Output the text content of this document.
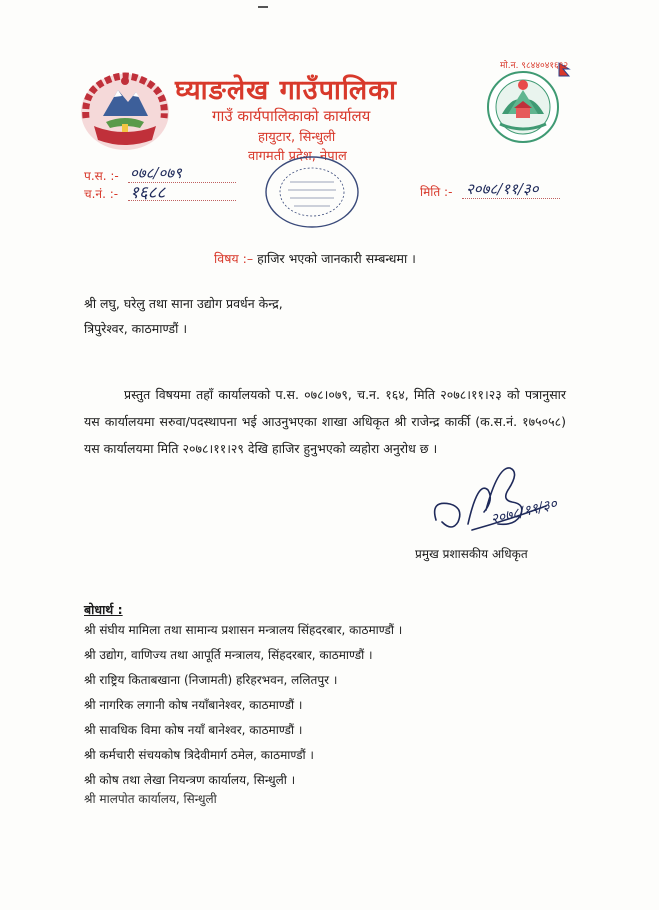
मो.न. ९८४४०४१६९२
घ्याङलेख गाउँपालिका
गाउँ कार्यपालिकाको कार्यालय
हायुटार, सिन्धुली
वागमती प्रदेश, नेपाल
प.स. :- ०७८/०७९
च.नं. :- १६८८	मिति :- २०७८/११/३०
विषय :– हाजिर भएको जानकारी सम्बन्धमा ।
श्री लघु, घरेलु तथा साना उद्योग प्रवर्धन केन्द्र,
त्रिपुरेश्वर, काठमाण्डौं ।
प्रस्तुत विषयमा तहाँ कार्यालयको प.स. ०७८।०७९, च.न. १६४, मिति २०७८।११।२३ को पत्रानुसार यस कार्यालयमा सरुवा/पदस्थापना भई आउनुभएका शाखा अधिकृत श्री राजेन्द्र कार्की (क.स.नं. १७५०५८) यस कार्यालयमा मिति २०७८।११।२९ देखि हाजिर हुनुभएको व्यहोरा अनुरोध छ ।
२०७८/११/३०
प्रमुख प्रशासकीय अधिकृत
बोधार्थ :
श्री संघीय मामिला तथा सामान्य प्रशासन मन्त्रालय सिंहदरबार, काठमाण्डौं ।
श्री उद्योग, वाणिज्य तथा आपूर्ति मन्त्रालय, सिंहदरबार, काठमाण्डौं ।
श्री राष्ट्रिय किताबखाना (निजामती) हरिहरभवन, ललितपुर ।
श्री नागरिक लगानी कोष नयाँबानेश्वर, काठमाण्डौं ।
श्री सावधिक विमा कोष नयाँ बानेश्वर, काठमाण्डौं ।
श्री कर्मचारी संचयकोष त्रिदेवीमार्ग ठमेल, काठमाण्डौं ।
श्री कोष तथा लेखा नियन्त्रण कार्यालय, सिन्धुली ।
श्री मालपोत कार्यालय, सिन्धुली
